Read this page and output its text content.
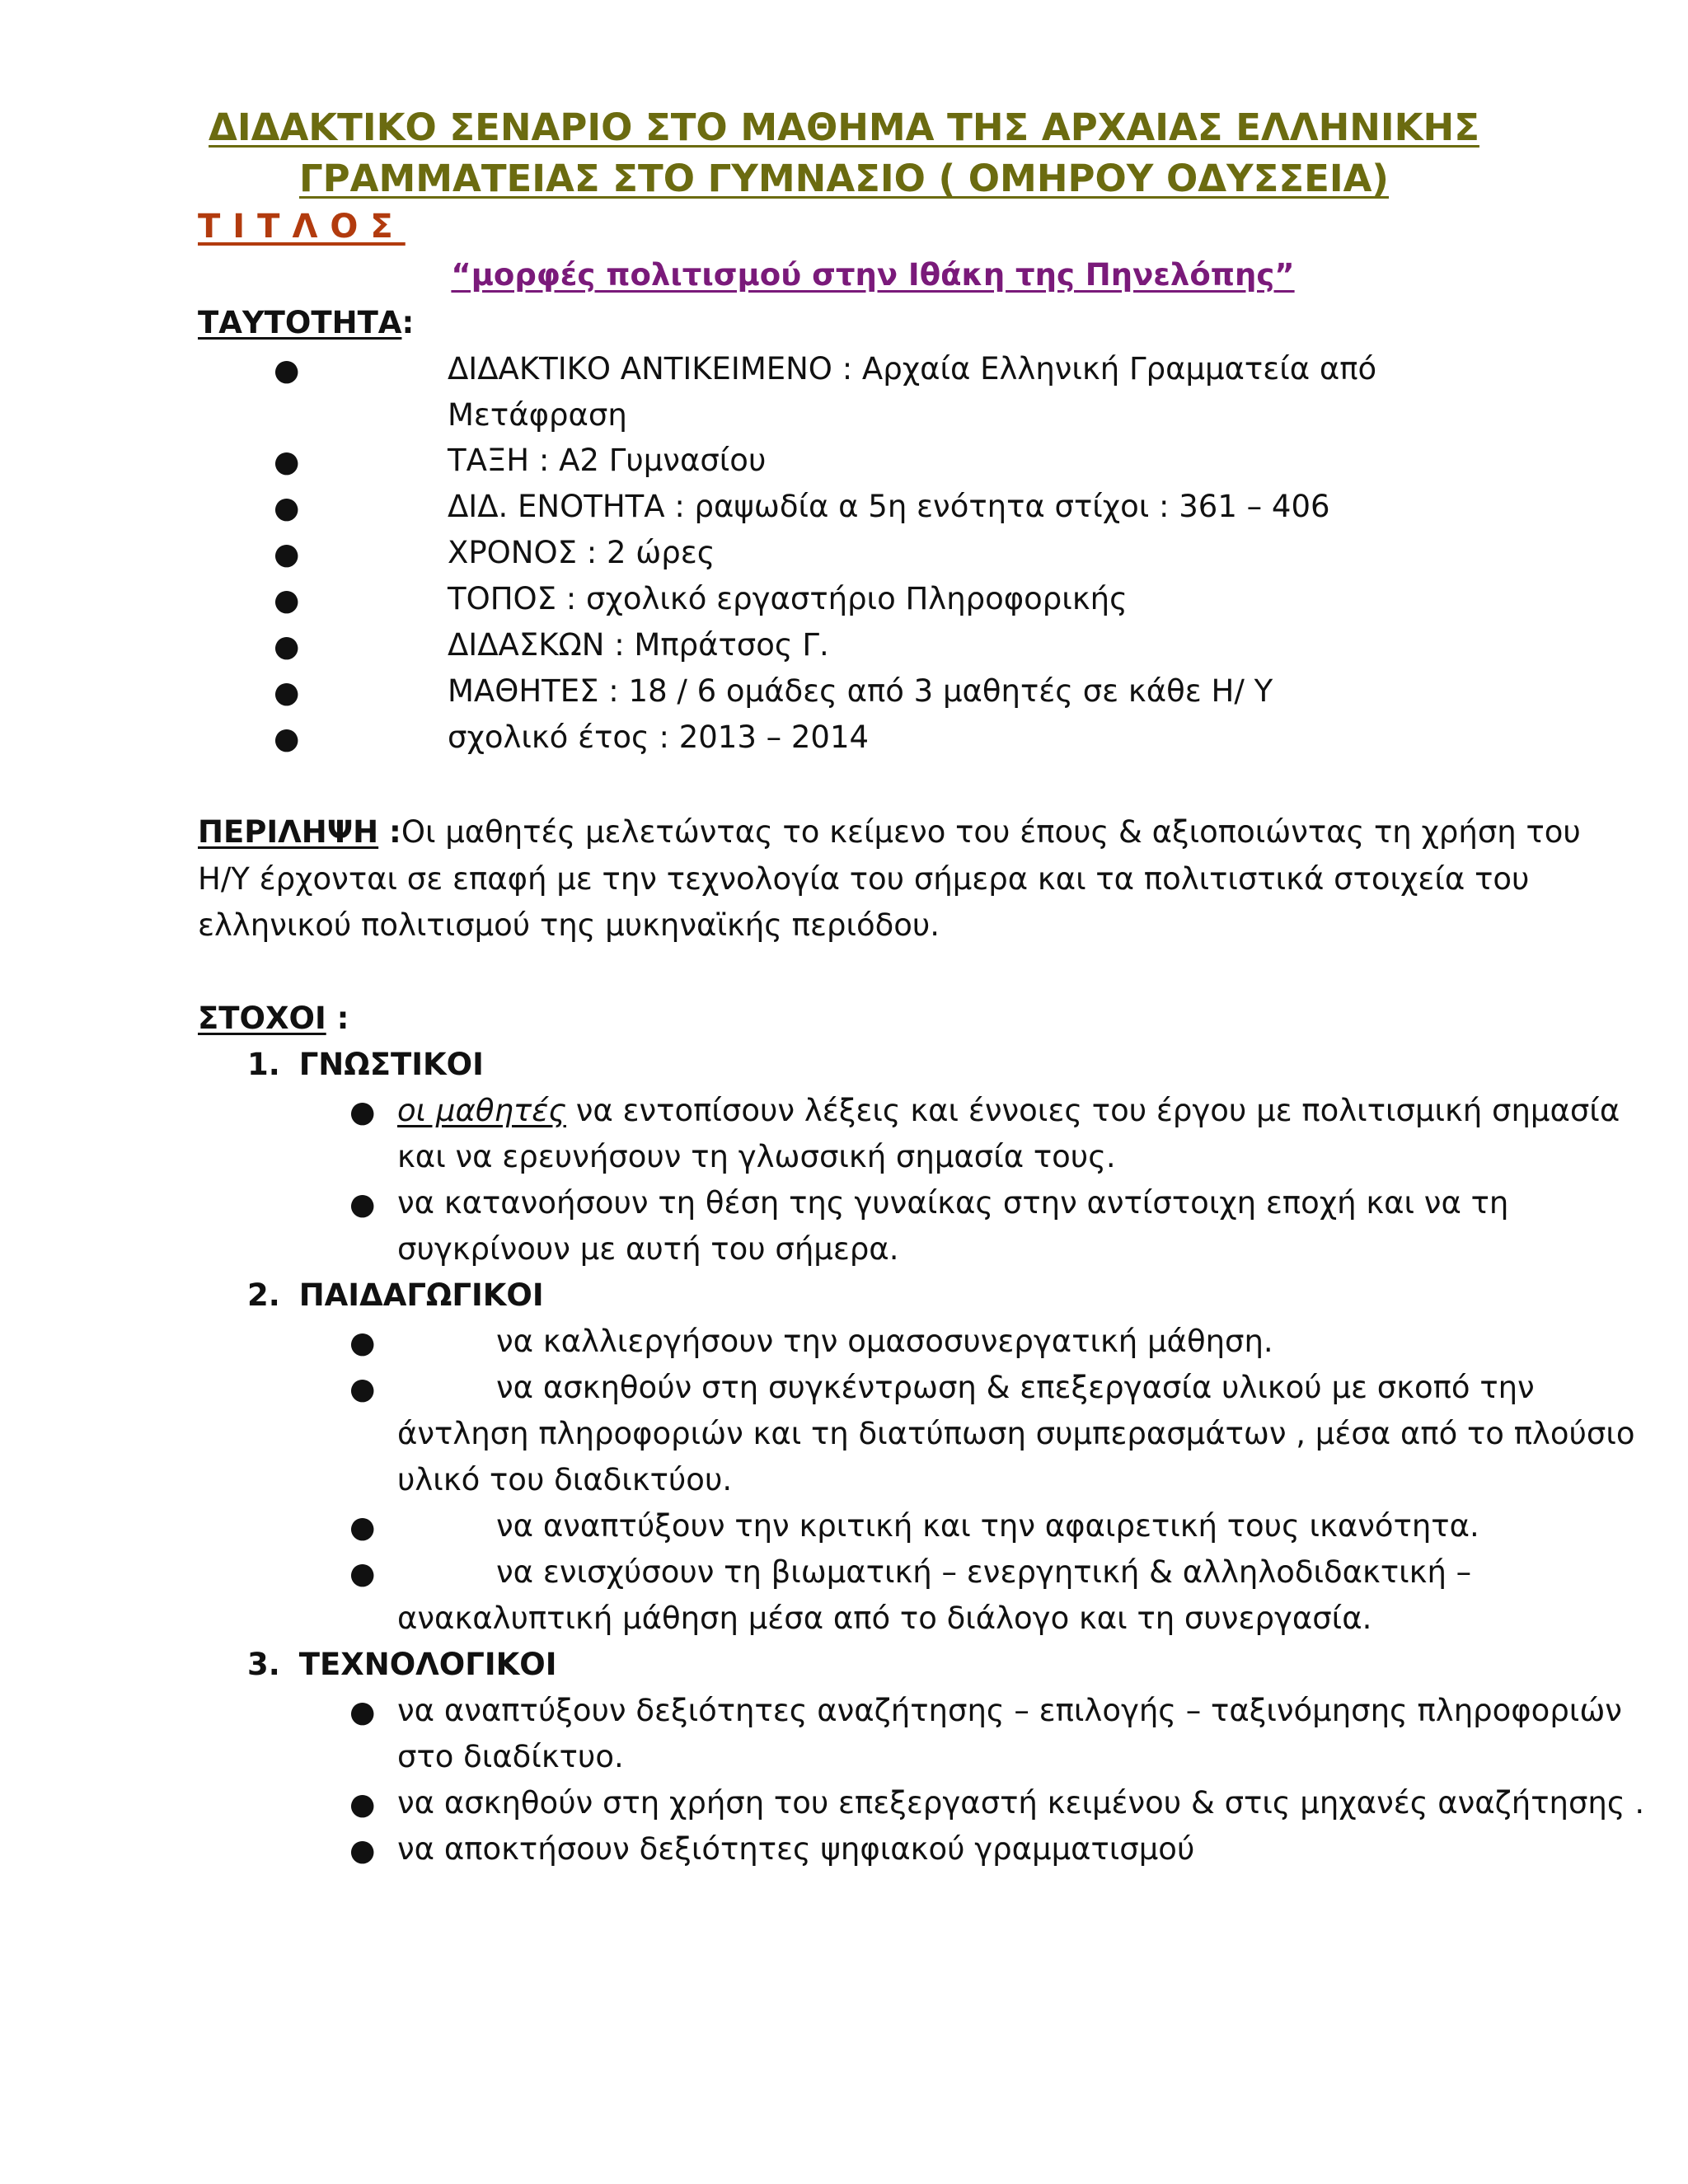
ΔΙΔΑΚΤΙΚΟ ΣΕΝΑΡΙΟ ΣΤΟ ΜΑΘΗΜΑ ΤΗΣ ΑΡΧΑΙΑΣ ΕΛΛΗΝΙΚΗΣ
ΓΡΑΜΜΑΤΕΙΑΣ ΣΤΟ ΓΥΜΝΑΣΙΟ ( ΟΜΗΡΟΥ ΟΔΥΣΣΕΙΑ)
ΤΙΤΛΟΣ
“μορφές πολιτισμού στην Ιθάκη της Πηνελόπης”
ΤΑΥΤΟΤΗΤΑ:
●	ΔΙΔΑΚΤΙΚΟ ΑΝΤΙΚΕΙΜΕΝΟ : Αρχαία Ελληνική Γραμματεία από
Μετάφραση
●	ΤΑΞΗ : Α2 Γυμνασίου
●	ΔΙΔ. ΕΝΟΤΗΤΑ : ραψωδία α 5η ενότητα στίχοι : 361 – 406
●	ΧΡΟΝΟΣ : 2 ώρες
●	ΤΟΠΟΣ : σχολικό εργαστήριο Πληροφορικής
●	ΔΙΔΑΣΚΩΝ : Μπράτσος Γ.
●	ΜΑΘΗΤΕΣ : 18 / 6 ομάδες από 3 μαθητές σε κάθε Η/ Υ
●	σχολικό έτος : 2013 – 2014
ΠΕΡΙΛΗΨΗ :Οι μαθητές μελετώντας το κείμενο του έπους & αξιοποιώντας τη χρήση του
Η/Υ έρχονται σε επαφή με την τεχνολογία του σήμερα και τα πολιτιστικά στοιχεία του
ελληνικού πολιτισμού της μυκηναϊκής περιόδου.
ΣΤΟΧΟΙ :
1. ΓΝΩΣΤΙΚΟΙ
● οι μαθητές να εντοπίσουν λέξεις και έννοιες του έργου με πολιτισμική σημασία
και να ερευνήσουν τη γλωσσική σημασία τους.
● να κατανοήσουν τη θέση της γυναίκας στην αντίστοιχη εποχή και να τη
συγκρίνουν με αυτή του σήμερα.
2. ΠΑΙΔΑΓΩΓΙΚΟΙ
●	να καλλιεργήσουν την ομασοσυνεργατική μάθηση.
●	να ασκηθούν στη συγκέντρωση & επεξεργασία υλικού με σκοπό την
άντληση πληροφοριών και τη διατύπωση συμπερασμάτων , μέσα από το πλούσιο
υλικό του διαδικτύου.
●	να αναπτύξουν την κριτική και την αφαιρετική τους ικανότητα.
●	να ενισχύσουν τη βιωματική – ενεργητική & αλληλοδιδακτική –
ανακαλυπτική μάθηση μέσα από το διάλογο και τη συνεργασία.
3. ΤΕΧΝΟΛΟΓΙΚΟΙ
● να αναπτύξουν δεξιότητες αναζήτησης – επιλογής – ταξινόμησης πληροφοριών
στο διαδίκτυο.
● να ασκηθούν στη χρήση του επεξεργαστή κειμένου & στις μηχανές αναζήτησης .
● να αποκτήσουν δεξιότητες ψηφιακού γραμματισμού
